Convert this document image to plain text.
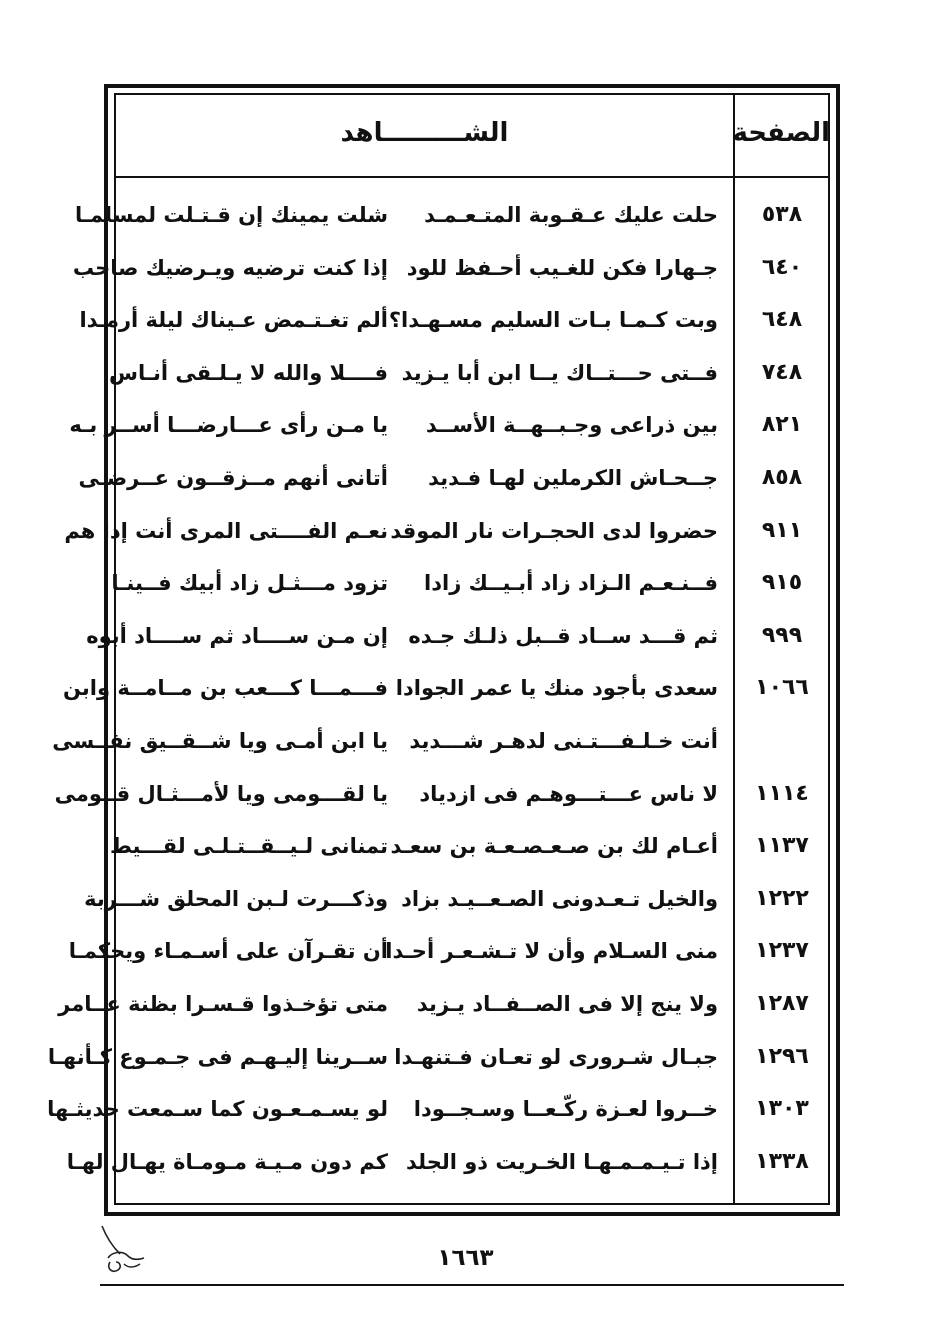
الصفحة
الشـــــــــاهد
٥٣٨
شلت يمينك إن قـتـلت لمسلمـا حلت عليك عـقـوبة المتـعـمـد
٦٤٠
إذا كنت ترضيه ويـرضيك صاحب جـهارا فكن للغـيب أحـفظ للود
٦٤٨
ألم تغـتـمض عـيناك ليلة أرمـدا وبت كـمـا بـات السليم مسـهـدا؟
٧٤٨
فــــلا والله لا يـلـقى أنـاس فــتى حـــتــاك يــا ابن أبا يـزيد
٨٢١
يا مـن رأى عـــارضـــا أســر بـه بين ذراعى وجـبــهــة الأســد
٨٥٨
أتانى أنهم مــزقــون عــرضـى جــحـاش الكرملين لهـا فـديد
٩١١
نعـم الفــــتى المرى أنت إذا هم حضروا لدى الحجـرات نار الموقد
٩١٥
تزود مـــثـل زاد أبيك فــينـا فــنـعـم الـزاد زاد أبـيــك زادا
٩٩٩
إن مـن ســــاد ثم ســــاد أبوه ثم قـــد ســاد قــبل ذلـك جـده
١٠٦٦
فـــمـــا كـــعب بن مــامــة وابن سعدى بأجود منك يا عمر الجوادا
يا ابن أمـى ويا شــقــيق نفــسى أنت خـلـفـــتـنى لدهـر شـــديد
١١١٤
يا لقـــومى ويا لأمـــثـال قــومى لا ناس عـــتـــوهـم فى ازدياد
١١٣٧
تمنانى لـيــقــتـلـى لقـــيط أعـام لك بن صـعـصـعـة بن سعـد
١٢٢٢
وذكـــرت لـبن المحلق شـــربة والخيل تـعـدونى الصـعــيـد بزاد
١٢٣٧
أن تقـرآن على أسـمـاء ويحكمـا
منى السـلام وأن لا تـشـعـر أحـدا
١٢٨٧
متى تؤخـذوا قـسـرا بظنة عــامر ولا ينج إلا فى الصــفــاد يـزيد
١٢٩٦
ســرينا إليـهـم فى جـمـوع كـأنهـا جبـال شـرورى لو تعـان فـتنهـدا
١٣٠٣
لو يسـمـعـون كما سـمعت حديثـها خــروا لعـزة ركّـعــا وسـجــودا
١٣٣٨
كم دون مـيـة مـومـاة يهـال لهـا إذا تـيـمـمـهـا الخـريت ذو الجلد
١٦٦٣
